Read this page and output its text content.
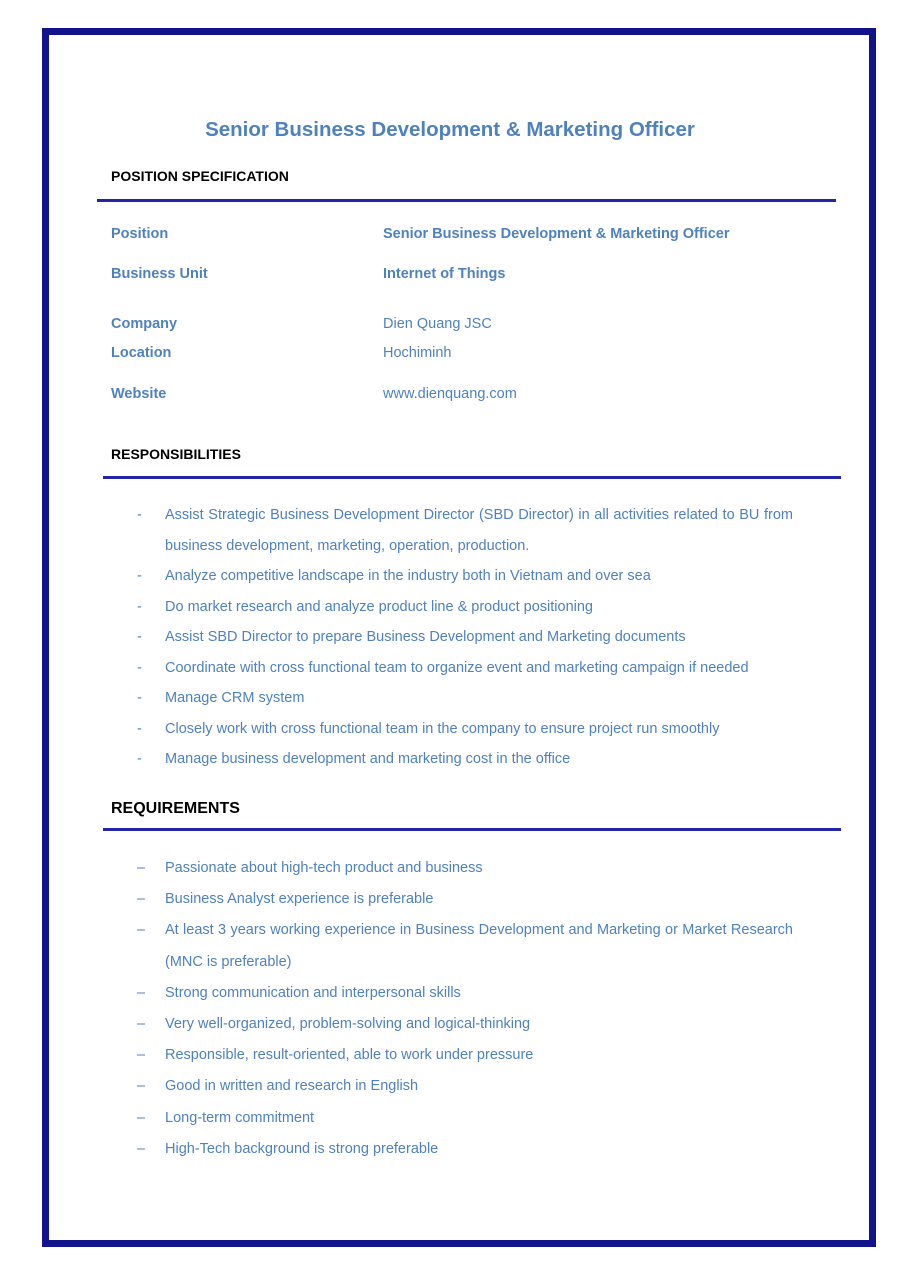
Senior Business Development & Marketing Officer
POSITION SPECIFICATION

Position	Senior Business Development & Marketing Officer

Business Unit	Internet of Things

Company	Dien Quang JSC

Location	Hochiminh

Website	www.dienquang.com

RESPONSIBILITIES
- Assist Strategic Business Development Director (SBD Director) in all activities related to BU from business development, marketing, operation, production.
- Analyze competitive landscape in the industry both in Vietnam and over sea
- Do market research and analyze product line & product positioning
- Assist SBD Director to prepare Business Development and Marketing documents
- Coordinate with cross functional team to organize event and marketing campaign if needed
- Manage CRM system
- Closely work with cross functional team in the company to ensure project run smoothly
- Manage business development and marketing cost in the office
REQUIREMENTS
– Passionate about high-tech product and business
– Business Analyst experience is preferable
– At least 3 years working experience in Business Development and Marketing or Market Research (MNC is preferable)
– Strong communication and interpersonal skills
– Very well-organized, problem-solving and logical-thinking
– Responsible, result-oriented, able to work under pressure
– Good in written and research in English
– Long-term commitment
– High-Tech background is strong preferable
